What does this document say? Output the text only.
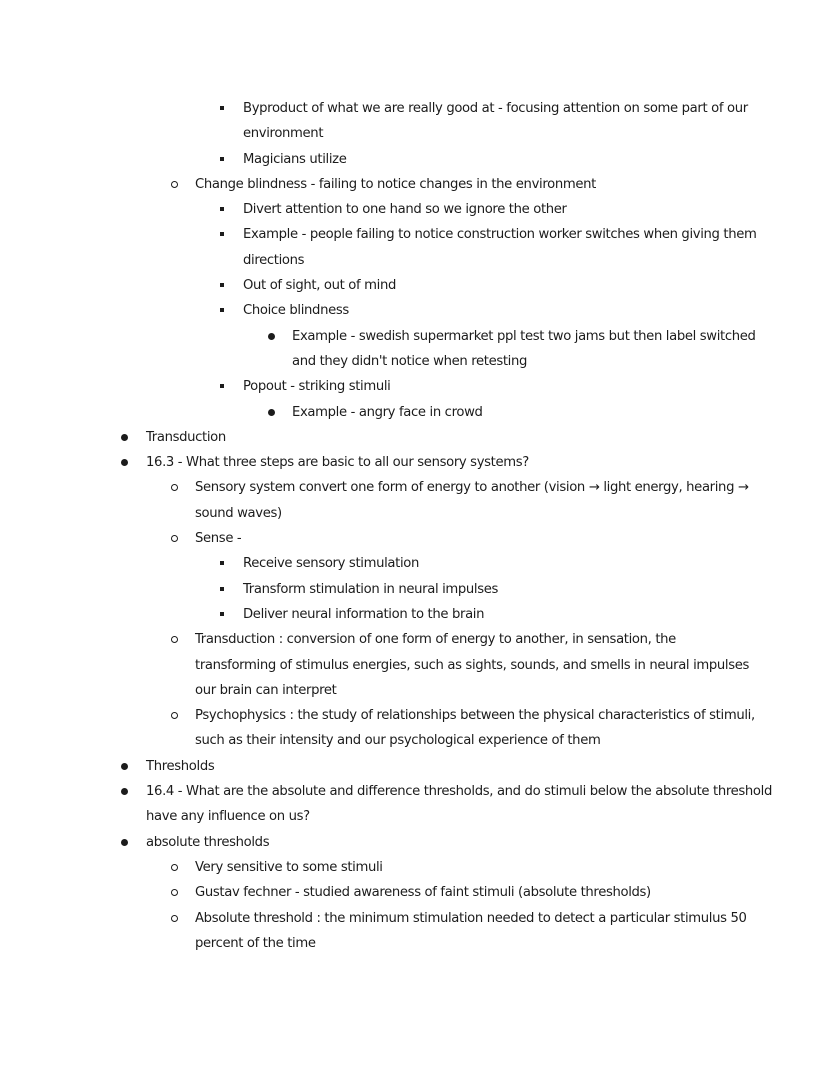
Byproduct of what we are really good at - focusing attention on some part of our
environment
Magicians utilize
Change blindness - failing to notice changes in the environment
Divert attention to one hand so we ignore the other
Example - people failing to notice construction worker switches when giving them
directions
Out of sight, out of mind
Choice blindness
Example - swedish supermarket ppl test two jams but then label switched
and they didn't notice when retesting
Popout - striking stimuli
Example - angry face in crowd
Transduction
16.3 - What three steps are basic to all our sensory systems?
Sensory system convert one form of energy to another (vision → light energy, hearing →
sound waves)
Sense -
Receive sensory stimulation
Transform stimulation in neural impulses
Deliver neural information to the brain
Transduction : conversion of one form of energy to another, in sensation, the
transforming of stimulus energies, such as sights, sounds, and smells in neural impulses
our brain can interpret
Psychophysics : the study of relationships between the physical characteristics of stimuli,
such as their intensity and our psychological experience of them
Thresholds
16.4 - What are the absolute and difference thresholds, and do stimuli below the absolute threshold
have any influence on us?
absolute thresholds
Very sensitive to some stimuli
Gustav fechner - studied awareness of faint stimuli (absolute thresholds)
Absolute threshold : the minimum stimulation needed to detect a particular stimulus 50
percent of the time
